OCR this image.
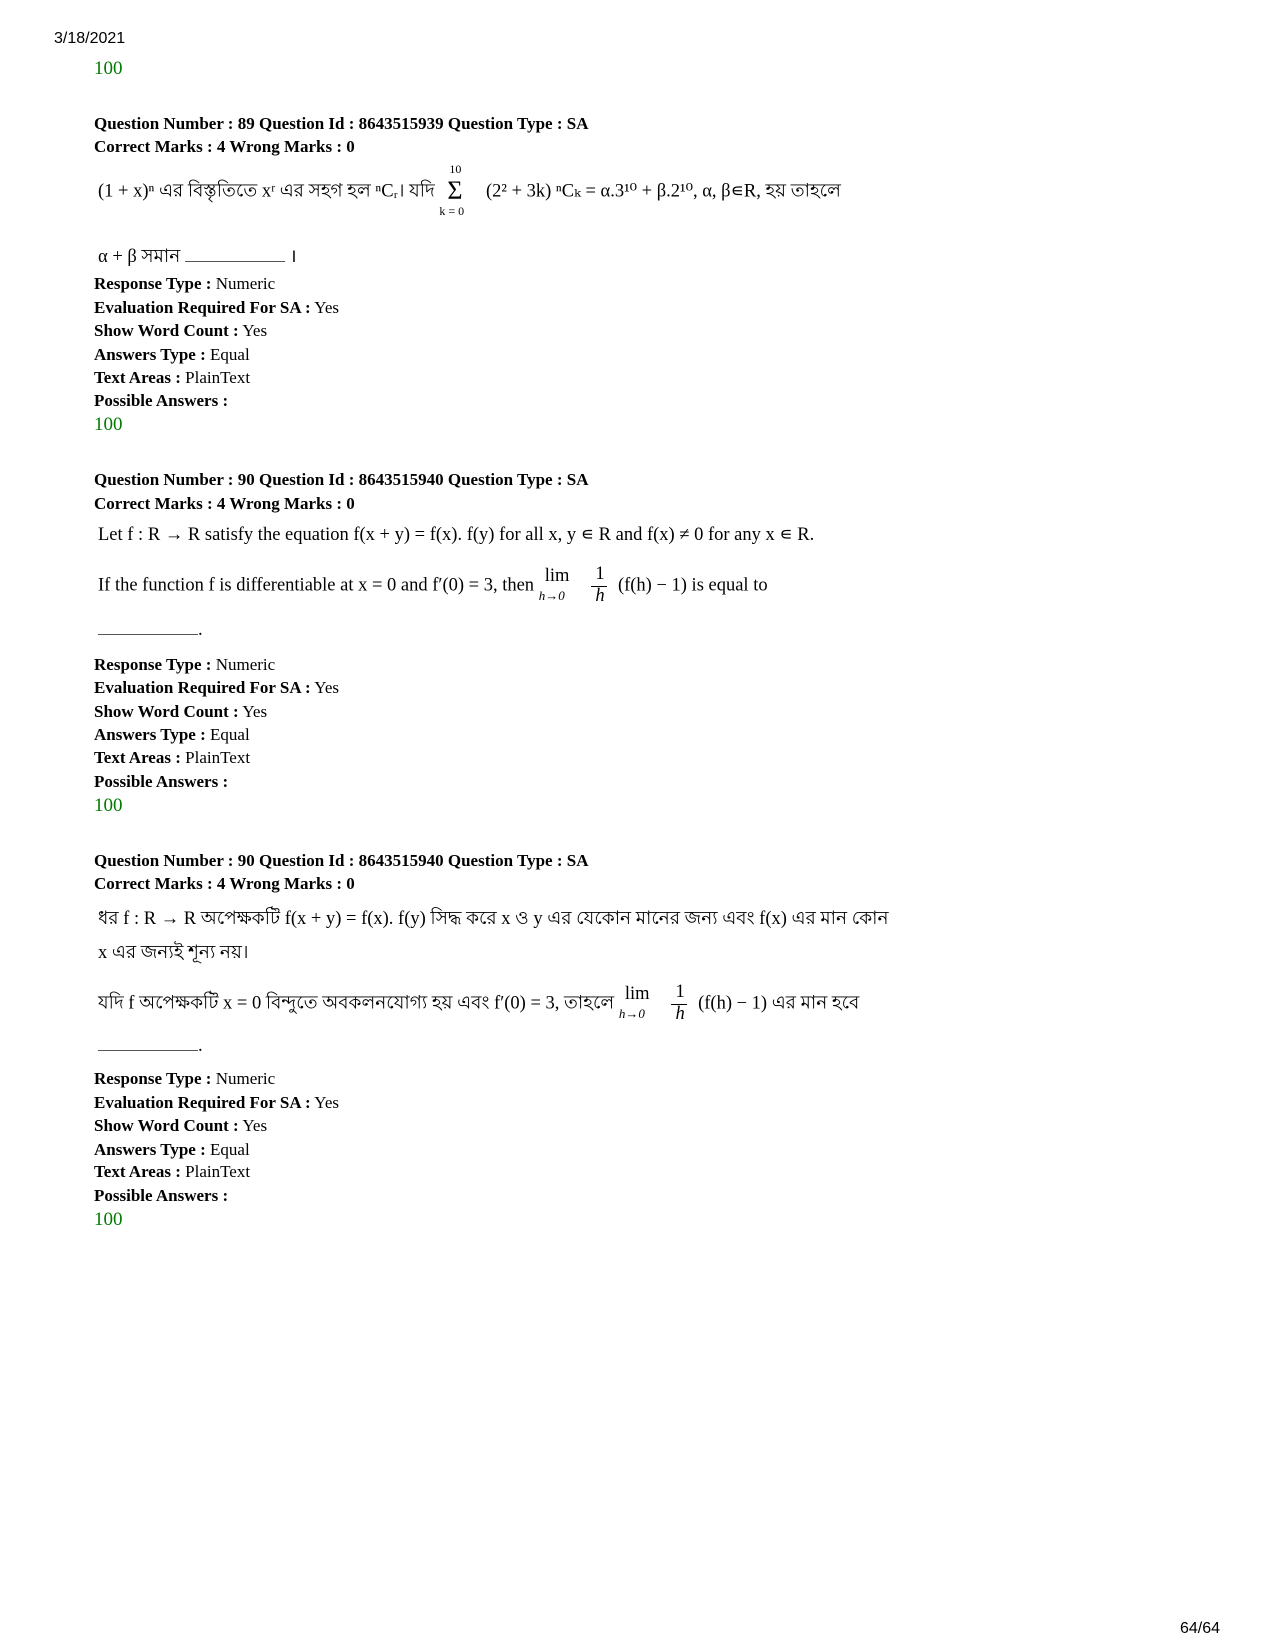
3/18/2021
100
Question Number : 89 Question Id : 8643515939 Question Type : SA
Correct Marks : 4 Wrong Marks : 0
(1 + x)ⁿ এর বিস্তৃতিতে xʳ এর সহগ হল ⁿCᵣ। যদি
10
Σ
k = 0
(2² + 3k) ⁿCₖ = α.3¹⁰ + β.2¹⁰, α, β∊R, হয় তাহলে
α + β সমান	।
Response Type : Numeric
Evaluation Required For SA : Yes
Show Word Count : Yes
Answers Type : Equal
Text Areas : PlainText
Possible Answers :
100
Question Number : 90 Question Id : 8643515940 Question Type : SA
Correct Marks : 4 Wrong Marks : 0
Let f : R → R satisfy the equation f(x + y) = f(x). f(y) for all x, y ∊ R and f(x) ≠ 0 for any x ∊ R.
If the function f is differentiable at x = 0 and f′(0) = 3, then lim
h→0
$\frac{1}{h} (f(h) - 1)$ is equal to
.
Response Type : Numeric
Evaluation Required For SA : Yes
Show Word Count : Yes
Answers Type : Equal
Text Areas : PlainText
Possible Answers :
100
Question Number : 90 Question Id : 8643515940 Question Type : SA
Correct Marks : 4 Wrong Marks : 0
ধর f : R → R অপেক্ষকটি f(x + y) = f(x). f(y) সিদ্ধ করে x ও y এর যেকোন মানের জন্য এবং f(x) এর মান কোন
x এর জন্যই শূন্য নয়।
যদি f অপেক্ষকটি x = 0 বিন্দুতে অবকলনযোগ্য হয় এবং f′(0) = 3, তাহলে lim
h→0
$\frac{1}{h} (f(h) - 1)$ এর মান হবে
.
Response Type : Numeric
Evaluation Required For SA : Yes
Show Word Count : Yes
Answers Type : Equal
Text Areas : PlainText
Possible Answers :
100
64/64
